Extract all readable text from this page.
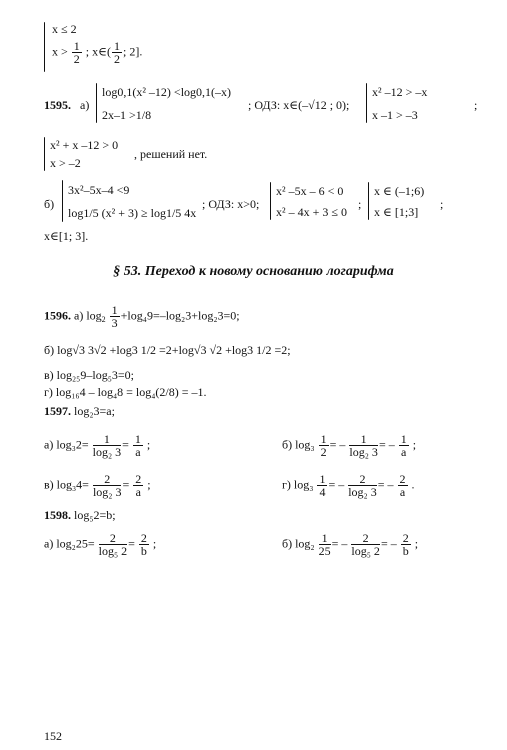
x ≤ 2
$x > \frac{1}{2}$ ; x∈( $\frac{1}{2}$ ; 2].
1595. а)
log0,1(x² –12) <log0,1(–x)
2x–1 >1/8
; ОДЗ: x∈(–√12 ; 0);
x² –12 > –x
x –1 > –3
;
x² + x –12 > 0
x > –2
, решений нет.
б)
3x²–5x–4 <9
log1/5 (x² + 3) ≥ log1/5 4x
; ОДЗ: x>0;
x² –5x – 6 < 0
x² – 4x + 3 ≤ 0
;
x ∈ (–1;6)
x ∈ [1;3]
;
x∈[1; 3].
§ 53. Переход к новому основанию логарифма
1596. а) $\log_2 \frac{1}{3} +\log_49=-\log_23+\log_23=0$;
б) log√3 3√2 +log3 1/2 =2+log√3 √2 +log3 1/2 =2;
в) log₂₅9–log₅3=0;
г) log₁₆4 – log₄8 = log₄(2/8) = –1.
1597. log₂3=a;
а) $\log_32= \frac{1}{\text{log₂ 3}} = \frac{1}{a}$ ;	б) $\log_3 \frac{1}{2}$ = – $\frac{1}{\text{log₂ 3}}$ = – $\frac{1}{a}$ ;
в) $\log_34= \frac{2}{\text{log₂ 3}} = \frac{2}{a}$ ;	г) $\log_3 \frac{1}{4}$ = – $\frac{2}{\text{log₂ 3}}$ = – $\frac{2}{a}$ .
1598. log₅2=b;
а) $\log_225= \frac{2}{\text{log₅ 2}} = \frac{2}{b}$ ;	б) $\log_2 \frac{1}{25}$ = – $\frac{2}{\text{log₅ 2}}$ = – $\frac{2}{b}$ ;
152
